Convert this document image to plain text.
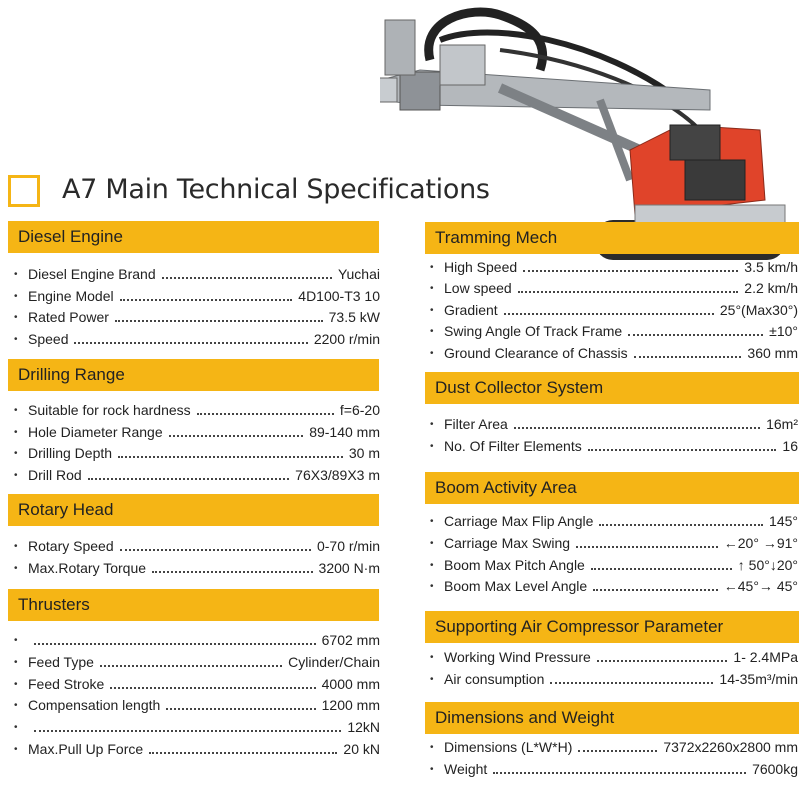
A7 Main Technical Specifications
Diesel Engine
• Diesel Engine Brand	Yuchai
• Engine Model	4D100-T3 10
• Rated Power	73.5 kW
• Speed	2200 r/min
Drilling Range
• Suitable for rock hardness	f=6-20
• Hole Diameter Range	89-140 mm
• Drilling Depth	30 m
• Drill Rod	76X3/89X3 m
Rotary Head
• Rotary Speed	0-70 r/min
• Max.Rotary Torque	3200 N·m
Thrusters
•	6702 mm
• Feed Type	Cylinder/Chain
• Feed Stroke	4000 mm
• Compensation length	1200 mm
•	12kN
• Max.Pull Up Force	20 kN
Tramming Mech
• High Speed	3.5 km/h
• Low speed	2.2 km/h
• Gradient	25°(Max30°)
• Swing Angle Of Track Frame	±10°
• Ground Clearance of Chassis	360 mm
Dust Collector System
• Filter Area	16m²
• No. Of Filter Elements	16
Boom Activity Area
• Carriage Max Flip Angle	145°
• Carriage Max Swing	←20° →91°
• Boom Max Pitch Angle	↑ 50°↓20°
• Boom Max Level Angle	←45°→ 45°
Supporting Air Compressor Parameter
• Working Wind Pressure	1- 2.4MPa
• Air consumption	14-35m³/min
Dimensions and Weight
• Dimensions (L*W*H)	7372x2260x2800 mm
• Weight	7600kg
